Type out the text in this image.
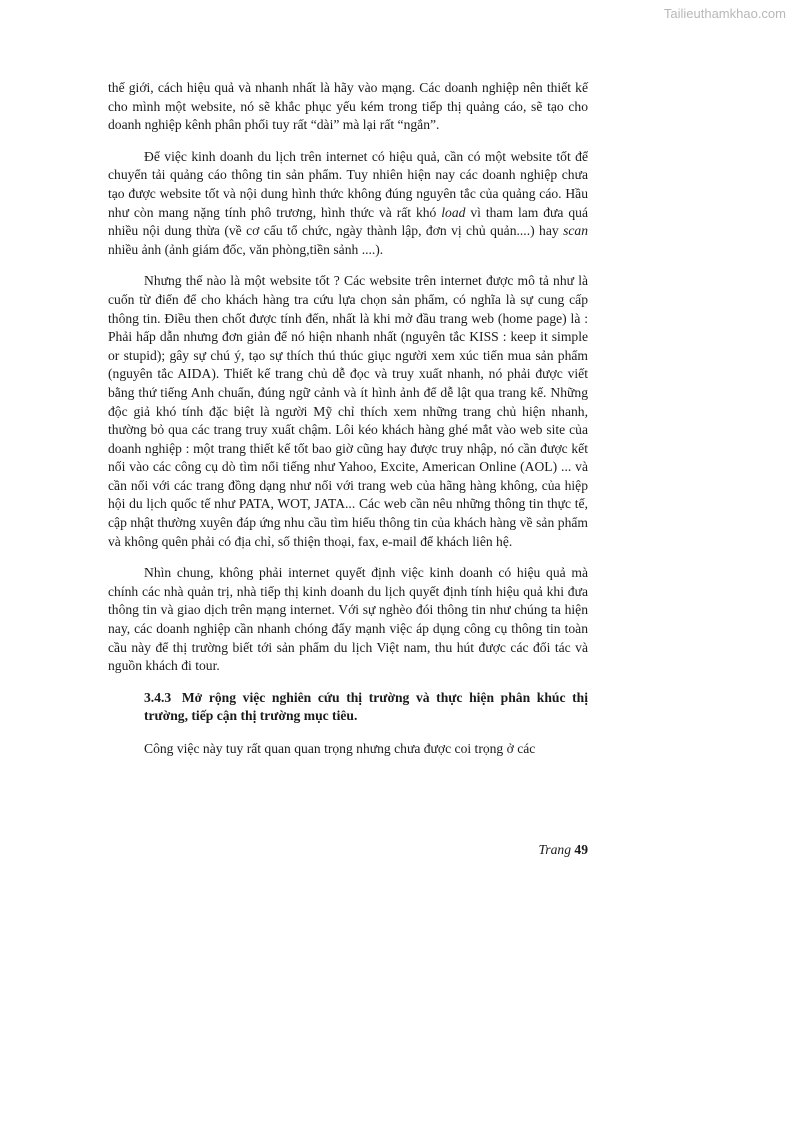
Tailieuthamkhao.com

thế giới, cách hiệu quả và nhanh nhất là hãy vào mạng. Các doanh nghiệp nên thiết kế cho mình một website, nó sẽ khắc phục yếu kém trong tiếp thị quảng cáo, sẽ tạo cho doanh nghiệp kênh phân phối tuy rất “dài” mà lại rất “ngắn”.

Để việc kinh doanh du lịch trên internet có hiệu quả, cần có một website tốt để chuyển tải quảng cáo thông tin sản phẩm. Tuy nhiên hiện nay các doanh nghiệp chưa tạo được website tốt và nội dung hình thức không đúng nguyên tắc của quảng cáo. Hầu như còn mang nặng tính phô trương, hình thức và rất khó load vì tham lam đưa quá nhiều nội dung thừa (về cơ cấu tổ chức, ngày thành lập, đơn vị chủ quản....) hay scan nhiều ảnh (ảnh giám đốc, văn phòng,tiền sảnh ....).

Nhưng thế nào là một website tốt ? Các website trên internet được mô tả như là cuốn từ điển để cho khách hàng tra cứu lựa chọn sản phẩm, có nghĩa là sự cung cấp thông tin. Điều then chốt được tính đến, nhất là khi mở đầu trang web (home page) là : Phải hấp dẫn nhưng đơn giản để nó hiện nhanh nhất (nguyên tắc KISS : keep it simple or stupid); gây sự chú ý, tạo sự thích thú thúc giục người xem xúc tiến mua sản phẩm (nguyên tắc AIDA). Thiết kế trang chủ dễ đọc và truy xuất nhanh, nó phải được viết bằng thứ tiếng Anh chuẩn, đúng ngữ cảnh và ít hình ảnh để dễ lật qua trang kế. Những độc giả khó tính đặc biệt là người Mỹ chỉ thích xem những trang chủ hiện nhanh, thường bỏ qua các trang truy xuất chậm. Lôi kéo khách hàng ghé mắt vào web site của doanh nghiệp : một trang thiết kế tốt bao giờ cũng hay được truy nhập, nó cần được kết nối vào các công cụ dò tìm nổi tiếng như Yahoo, Excite, American Online (AOL) ... và cần nối với các trang đồng dạng như nối với trang web của hãng hàng không, của hiệp hội du lịch quốc tế như PATA, WOT, JATA... Các web cần nêu những thông tin thực tế, cập nhật thường xuyên đáp ứng nhu cầu tìm hiểu thông tin của khách hàng về sản phẩm và không quên phải có địa chỉ, số thiện thoại, fax, e-mail để khách liên hệ.

Nhìn chung, không phải internet quyết định việc kinh doanh có hiệu quả mà chính các nhà quản trị, nhà tiếp thị kinh doanh du lịch quyết định tính hiệu quả khi đưa thông tin và giao dịch trên mạng internet. Với sự nghèo đói thông tin như chúng ta hiện nay, các doanh nghiệp cần nhanh chóng đẩy mạnh việc áp dụng công cụ thông tin toàn cầu này để thị trường biết tới sản phẩm du lịch Việt nam, thu hút được các đối tác và nguồn khách đi tour.

3.4.3 Mở rộng việc nghiên cứu thị trường và thực hiện phân khúc thị trường, tiếp cận thị trường mục tiêu.

Công việc này tuy rất quan quan trọng nhưng chưa được coi trọng ở các

Trang 49
